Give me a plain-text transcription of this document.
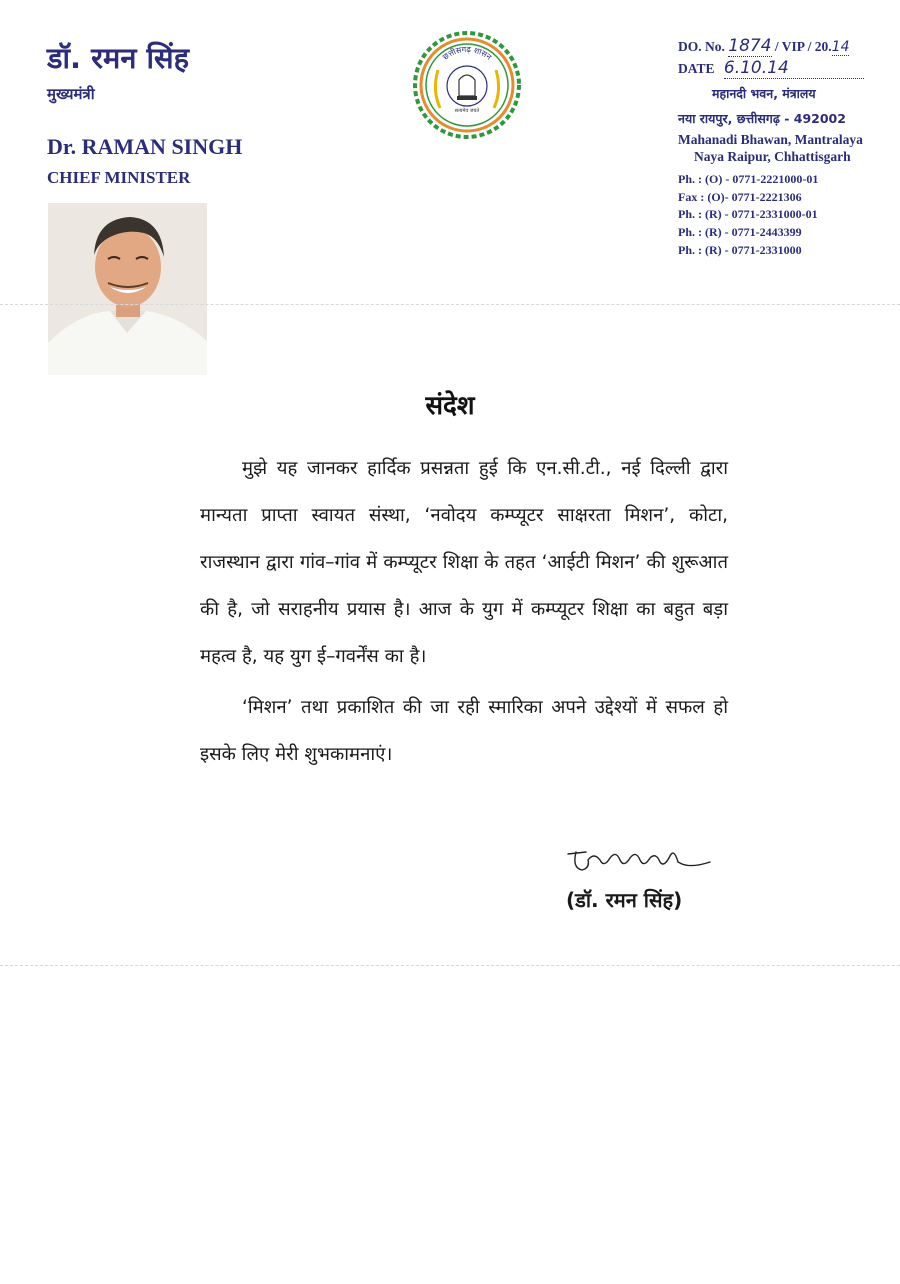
डॉ. रमन सिंह
मुख्यमंत्री
Dr. RAMAN SINGH
CHIEF MINISTER
छत्तीसगढ़ शासन
सत्यमेव जयते
DO. No. 1874 / VIP / 20.14
DATE 6.10.14
महानदी भवन, मंत्रालय
नया रायपुर, छत्तीसगढ़ - 492002
Mahanadi Bhawan, Mantralaya
Naya Raipur, Chhattisgarh
Ph. : (O) - 0771-2221000-01
Fax : (O)- 0771-2221306
Ph. : (R) - 0771-2331000-01
Ph. : (R) - 0771-2443399
Ph. : (R) - 0771-2331000
संदेश

मुझे यह जानकर हार्दिक प्रसन्नता हुई कि एन.सी.टी., नई दिल्ली द्वारा मान्यता प्राप्ता स्वायत संस्था, ‘नवोदय कम्प्यूटर साक्षरता मिशन’, कोटा, राजस्थान द्वारा गांव–गांव में कम्प्यूटर शिक्षा के तहत ‘आईटी मिशन’ की शुरूआत की है, जो सराहनीय प्रयास है। आज के युग में कम्प्यूटर शिक्षा का बहुत बड़ा महत्व है, यह युग ई–गवर्नेंस का है।

‘मिशन’ तथा प्रकाशित की जा रही स्मारिका अपने उद्देश्यों में सफल हो इसके लिए मेरी शुभकामनाएं।

(डॉ. रमन सिंह)
